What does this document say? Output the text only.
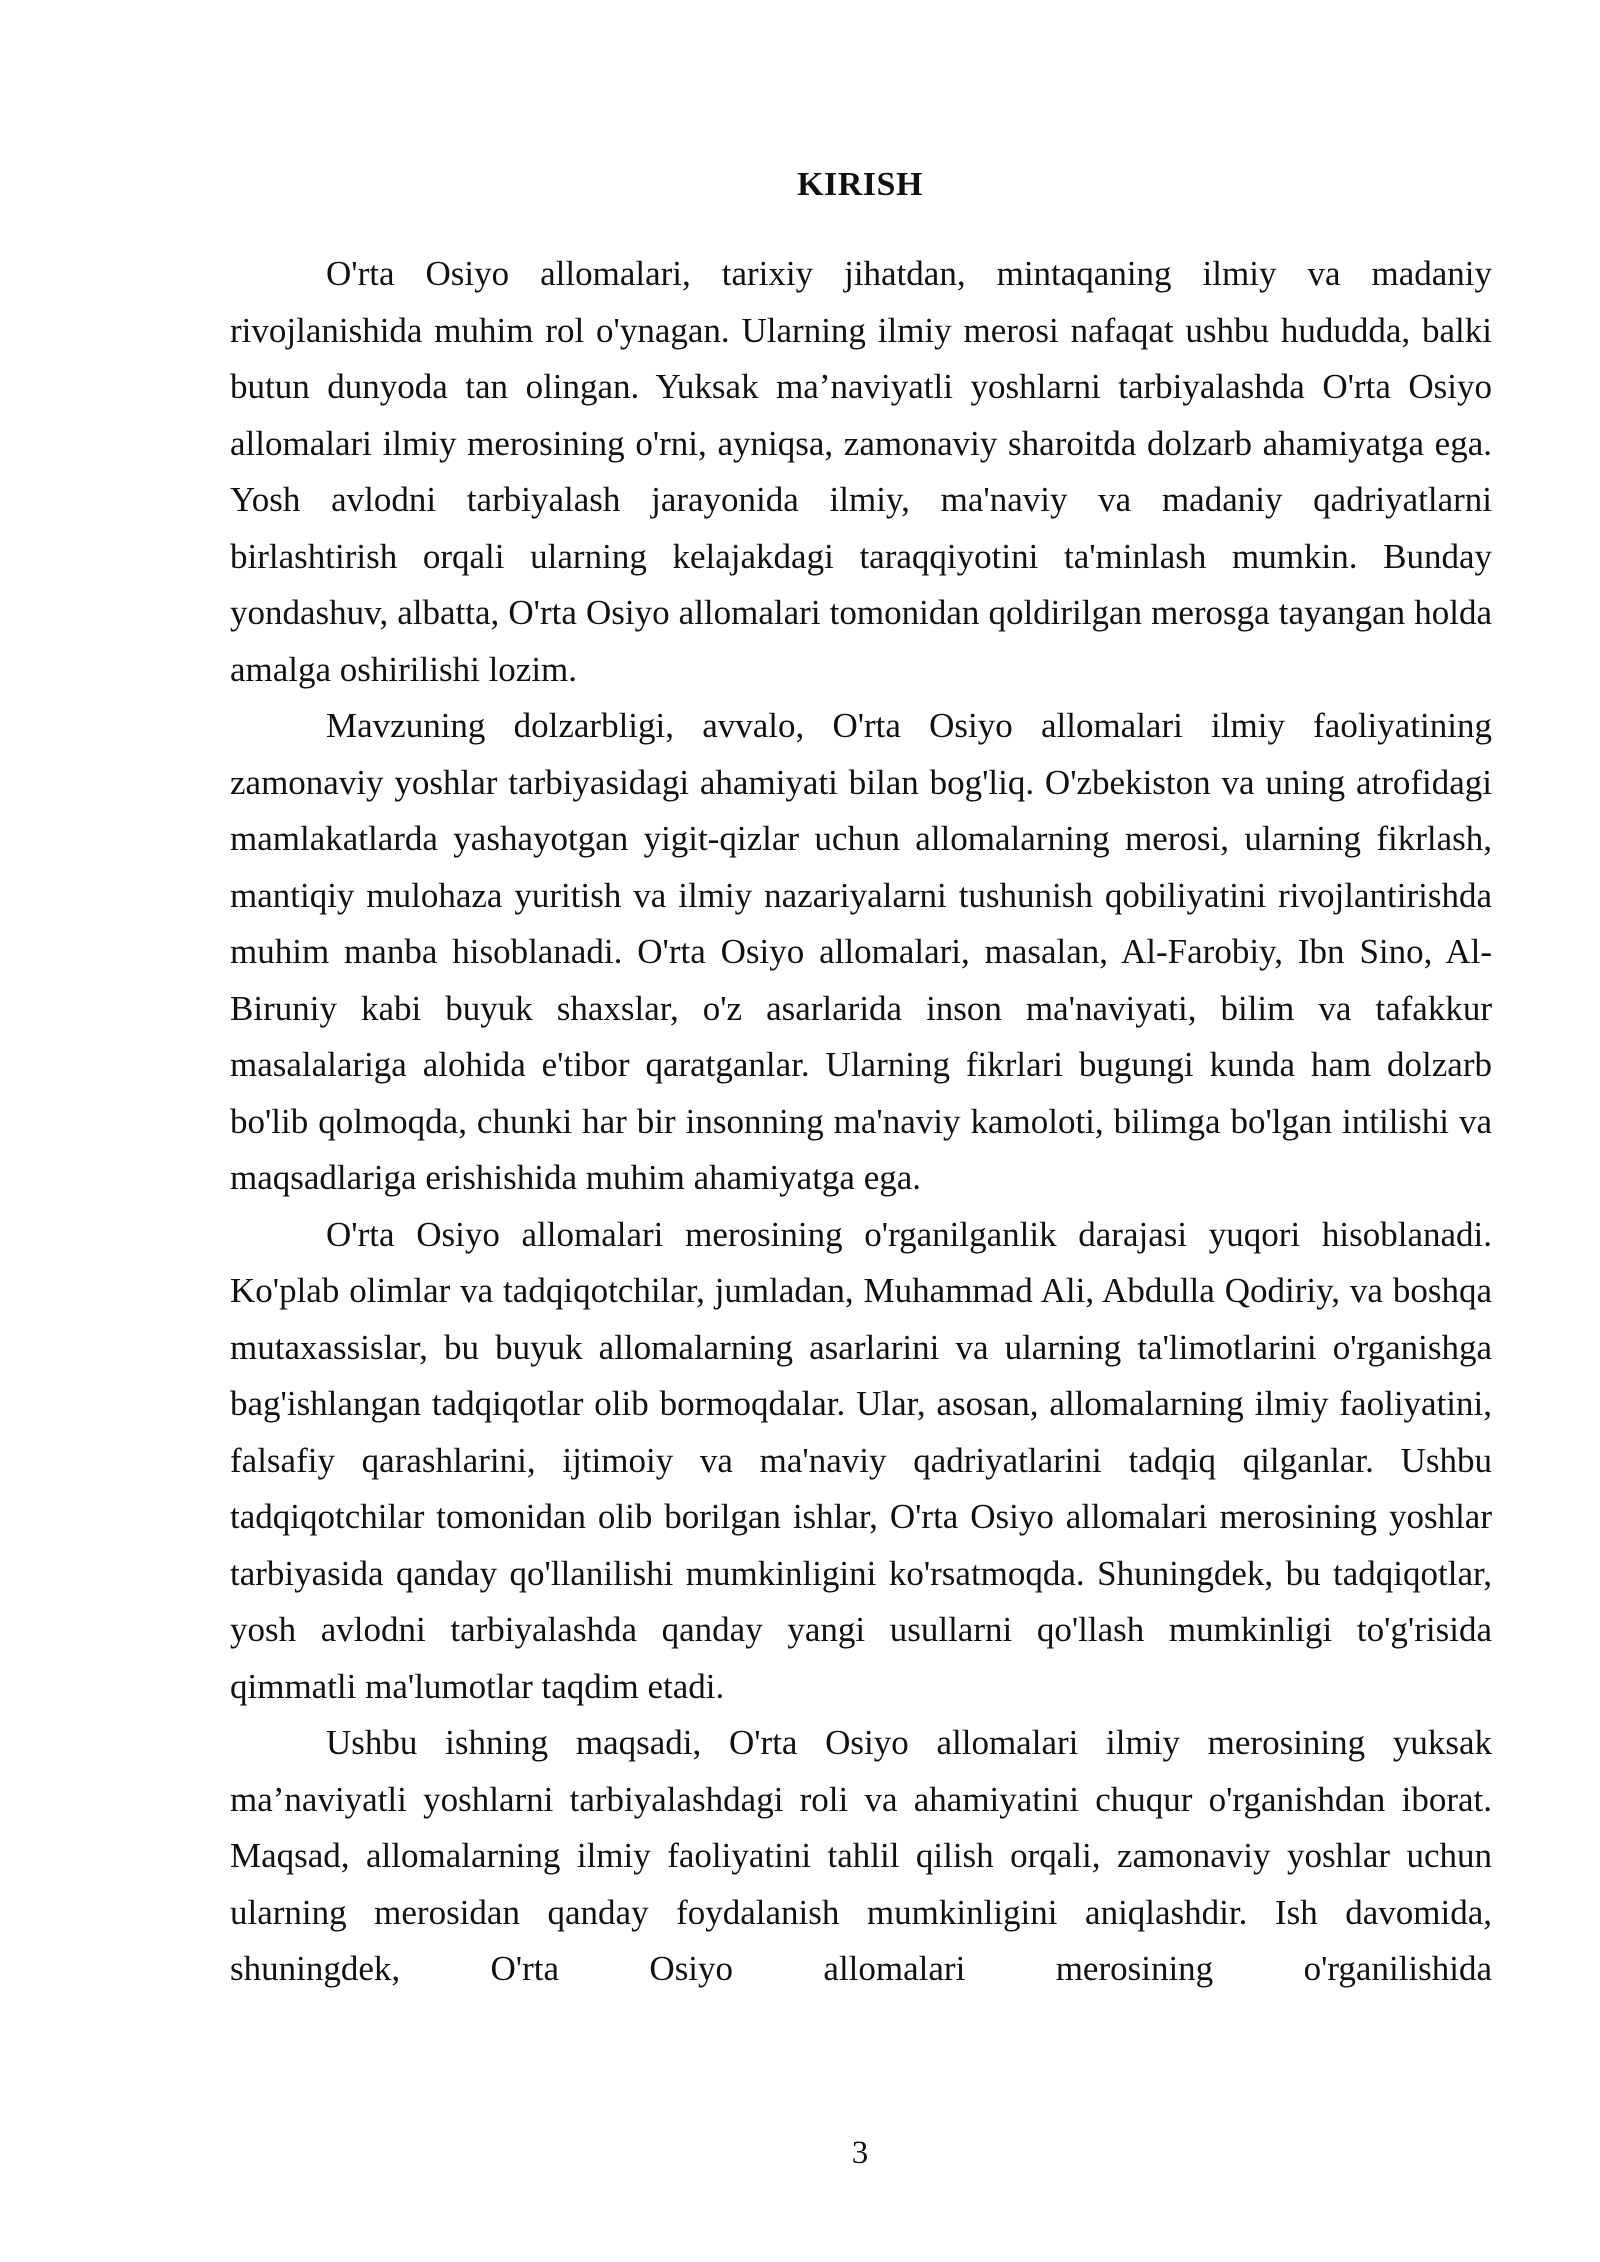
KIRISH

O'rta Osiyo allomalari, tarixiy jihatdan, mintaqaning ilmiy va madaniy rivojlanishida muhim rol o'ynagan. Ularning ilmiy merosi nafaqat ushbu hududda, balki butun dunyoda tan olingan. Yuksak ma’naviyatli yoshlarni tarbiyalashda O'rta Osiyo allomalari ilmiy merosining o'rni, ayniqsa, zamonaviy sharoitda dolzarb ahamiyatga ega. Yosh avlodni tarbiyalash jarayonida ilmiy, ma'naviy va madaniy qadriyatlarni birlashtirish orqali ularning kelajakdagi taraqqiyotini ta'minlash mumkin. Bunday yondashuv, albatta, O'rta Osiyo allomalari tomonidan qoldirilgan merosga tayangan holda amalga oshirilishi lozim.

Mavzuning dolzarbligi, avvalo, O'rta Osiyo allomalari ilmiy faoliyatining zamonaviy yoshlar tarbiyasidagi ahamiyati bilan bog'liq. O'zbekiston va uning atrofidagi mamlakatlarda yashayotgan yigit-qizlar uchun allomalarning merosi, ularning fikrlash, mantiqiy mulohaza yuritish va ilmiy nazariyalarni tushunish qobiliyatini rivojlantirishda muhim manba hisoblanadi. O'rta Osiyo allomalari, masalan, Al-Farobiy, Ibn Sino, Al-Biruniy kabi buyuk shaxslar, o'z asarlarida inson ma'naviyati, bilim va tafakkur masalalariga alohida e'tibor qaratganlar. Ularning fikrlari bugungi kunda ham dolzarb bo'lib qolmoqda, chunki har bir insonning ma'naviy kamoloti, bilimga bo'lgan intilishi va maqsadlariga erishishida muhim ahamiyatga ega.

O'rta Osiyo allomalari merosining o'rganilganlik darajasi yuqori hisoblanadi. Ko'plab olimlar va tadqiqotchilar, jumladan, Muhammad Ali, Abdulla Qodiriy, va boshqa mutaxassislar, bu buyuk allomalarning asarlarini va ularning ta'limotlarini o'rganishga bag'ishlangan tadqiqotlar olib bormoqdalar. Ular, asosan, allomalarning ilmiy faoliyatini, falsafiy qarashlarini, ijtimoiy va ma'naviy qadriyatlarini tadqiq qilganlar. Ushbu tadqiqotchilar tomonidan olib borilgan ishlar, O'rta Osiyo allomalari merosining yoshlar tarbiyasida qanday qo'llanilishi mumkinligini ko'rsatmoqda. Shuningdek, bu tadqiqotlar, yosh avlodni tarbiyalashda qanday yangi usullarni qo'llash mumkinligi to'g'risida qimmatli ma'lumotlar taqdim etadi.

Ushbu ishning maqsadi, O'rta Osiyo allomalari ilmiy merosining yuksak ma’naviyatli yoshlarni tarbiyalashdagi roli va ahamiyatini chuqur o'rganishdan iborat. Maqsad, allomalarning ilmiy faoliyatini tahlil qilish orqali, zamonaviy yoshlar uchun ularning merosidan qanday foydalanish mumkinligini aniqlashdir. Ish davomida, shuningdek, O'rta Osiyo allomalari merosining o'rganilishida

3
